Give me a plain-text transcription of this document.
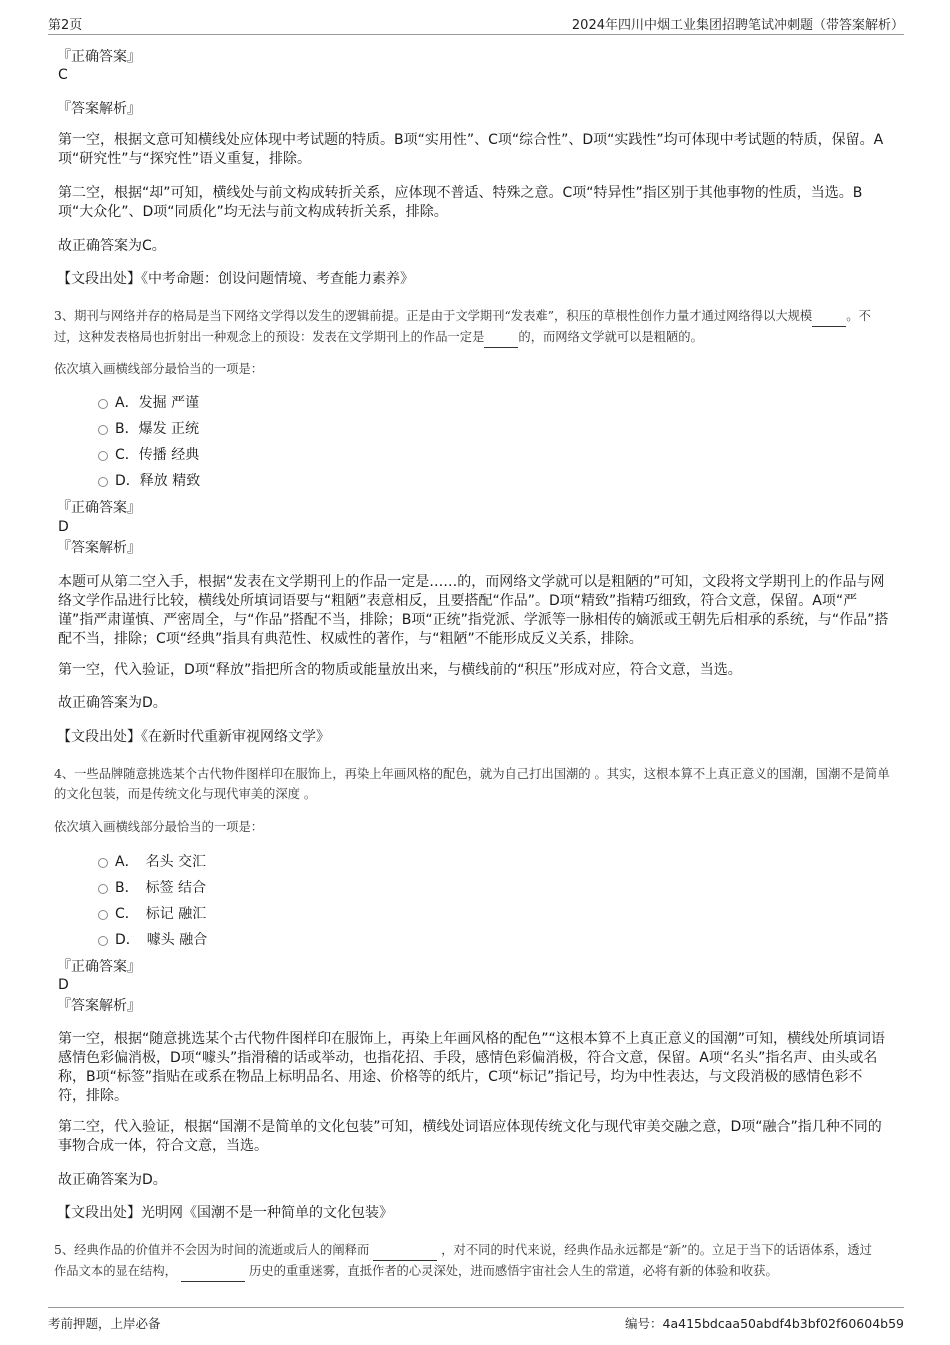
第2页	2024年四川中烟工业集团招聘笔试冲刺题（带答案解析）
『正确答案』
C
『答案解析』

第一空，根据文意可知横线处应体现中考试题的特质。B项“实用性”、C项“综合性”、D项“实践性”均可体现中考试题的特质，保留。A项“研究性”与“探究性”语义重复，排除。

第二空，根据“却”可知，横线处与前文构成转折关系，应体现不普适、特殊之意。C项“特异性”指区别于其他事物的性质，当选。B项“大众化”、D项“同质化”均无法与前文构成转折关系，排除。

故正确答案为C。

【文段出处】《中考命题：创设问题情境、考查能力素养》
3、期刊与网络并存的格局是当下网络文学得以发生的逻辑前提。正是由于文学期刊“发表难”，积压的草根性创作力量才通过网络得以大规模	。不过，这种发表格局也折射出一种观念上的预设：发表在文学期刊上的作品一定是	的，而网络文学就可以是粗陋的。
依次填入画横线部分最恰当的一项是：
A．发掘 严谨
B．爆发 正统
C．传播 经典
D．释放 精致
『正确答案』
D
『答案解析』

本题可从第二空入手，根据“发表在文学期刊上的作品一定是……的，而网络文学就可以是粗陋的”可知，文段将文学期刊上的作品与网络文学作品进行比较，横线处所填词语要与“粗陋”表意相反，且要搭配“作品”。D项“精致”指精巧细致，符合文意，保留。A项“严谨”指严肃谨慎、严密周全，与“作品”搭配不当，排除；B项“正统”指党派、学派等一脉相传的嫡派或王朝先后相承的系统，与“作品”搭配不当，排除；C项“经典”指具有典范性、权威性的著作，与“粗陋”不能形成反义关系，排除。

第一空，代入验证，D项“释放”指把所含的物质或能量放出来，与横线前的“积压”形成对应，符合文意，当选。

故正确答案为D。

【文段出处】《在新时代重新审视网络文学》
4、一些品牌随意挑选某个古代物件图样印在服饰上，再染上年画风格的配色，就为自己打出国潮的 。其实，这根本算不上真正意义的国潮，国潮不是简单的文化包装，而是传统文化与现代审美的深度 。
依次填入画横线部分最恰当的一项是：
A．　名头 交汇
B．　标签 结合
C．　标记 融汇
D．　噱头 融合
『正确答案』
D
『答案解析』

第一空，根据“随意挑选某个古代物件图样印在服饰上，再染上年画风格的配色”“这根本算不上真正意义的国潮”可知，横线处所填词语感情色彩偏消极，D项“噱头”指滑稽的话或举动，也指花招、手段，感情色彩偏消极，符合文意，保留。A项“名头”指名声、由头或名称，B项“标签”指贴在或系在物品上标明品名、用途、价格等的纸片，C项“标记”指记号，均为中性表达，与文段消极的感情色彩不符，排除。

第二空，代入验证，根据“国潮不是简单的文化包装”可知，横线处词语应体现传统文化与现代审美交融之意，D项“融合”指几种不同的事物合成一体，符合文意，当选。

故正确答案为D。

【文段出处】光明网《国潮不是一种简单的文化包装》
5、经典作品的价值并不会因为时间的流逝或后人的阐释而	，对不同的时代来说，经典作品永远都是“新”的。立足于当下的话语体系，透过作品文本的显在结构，	历史的重重迷雾，直抵作者的心灵深处，进而感悟宇宙社会人生的常道，必将有新的体验和收获。
考前押题，上岸必备	编号：4a415bdcaa50abdf4b3bf02f60604b59
